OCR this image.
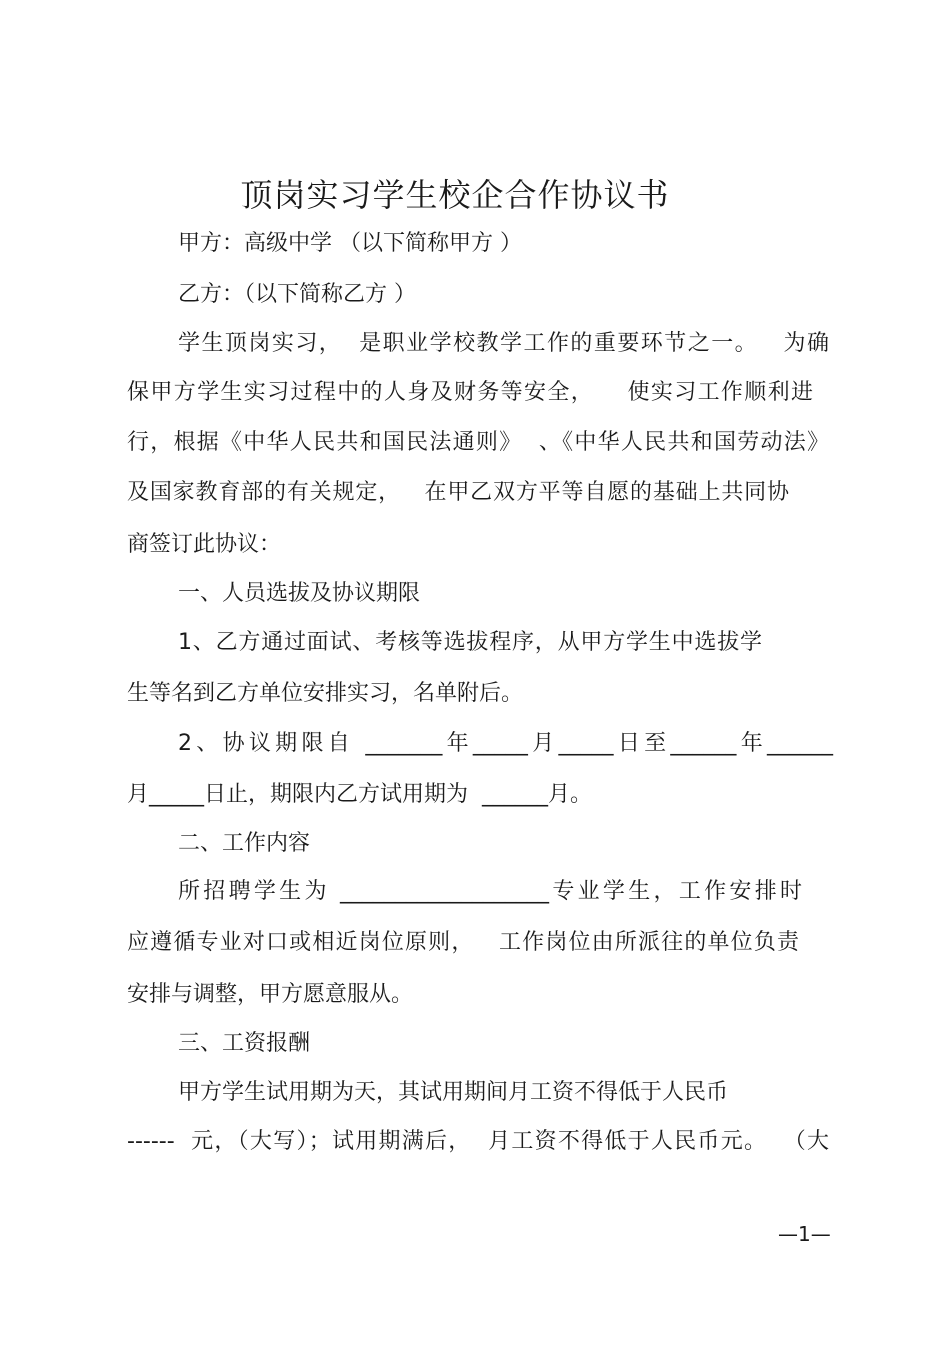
顶岗实习学生校企合作协议书
甲方：高级中学 （以下简称甲方 ）
乙方：（以下简称乙方 ）
学生顶岗实习，  是职业学校教学工作的重要环节之一。   为确
保甲方学生实习过程中的人身及财务等安全，    使实习工作顺利进
行，根据《中华人民共和国民法通则》  、《中华人民共和国劳动法》
及国家教育部的有关规定，   在甲乙双方平等自愿的基础上共同协
商签订此协议：
一、人员选拔及协议期限
1、乙方通过面试、考核等选拔程序，从甲方学生中选拔学
生等名到乙方单位安排实习，名单附后。
2、协议期限自 _______年_____月_____日至______年______
月_____日止，期限内乙方试用期为  ______月。
二、工作内容
所招聘学生为 ___________________专业学生，工作安排时
应遵循专业对口或相近岗位原则，   工作岗位由所派往的单位负责
安排与调整，甲方愿意服从。
三、工资报酬
甲方学生试用期为天，其试用期间月工资不得低于人民币
------  元，（大写）；试用期满后，  月工资不得低于人民币元。  （大
—1—
